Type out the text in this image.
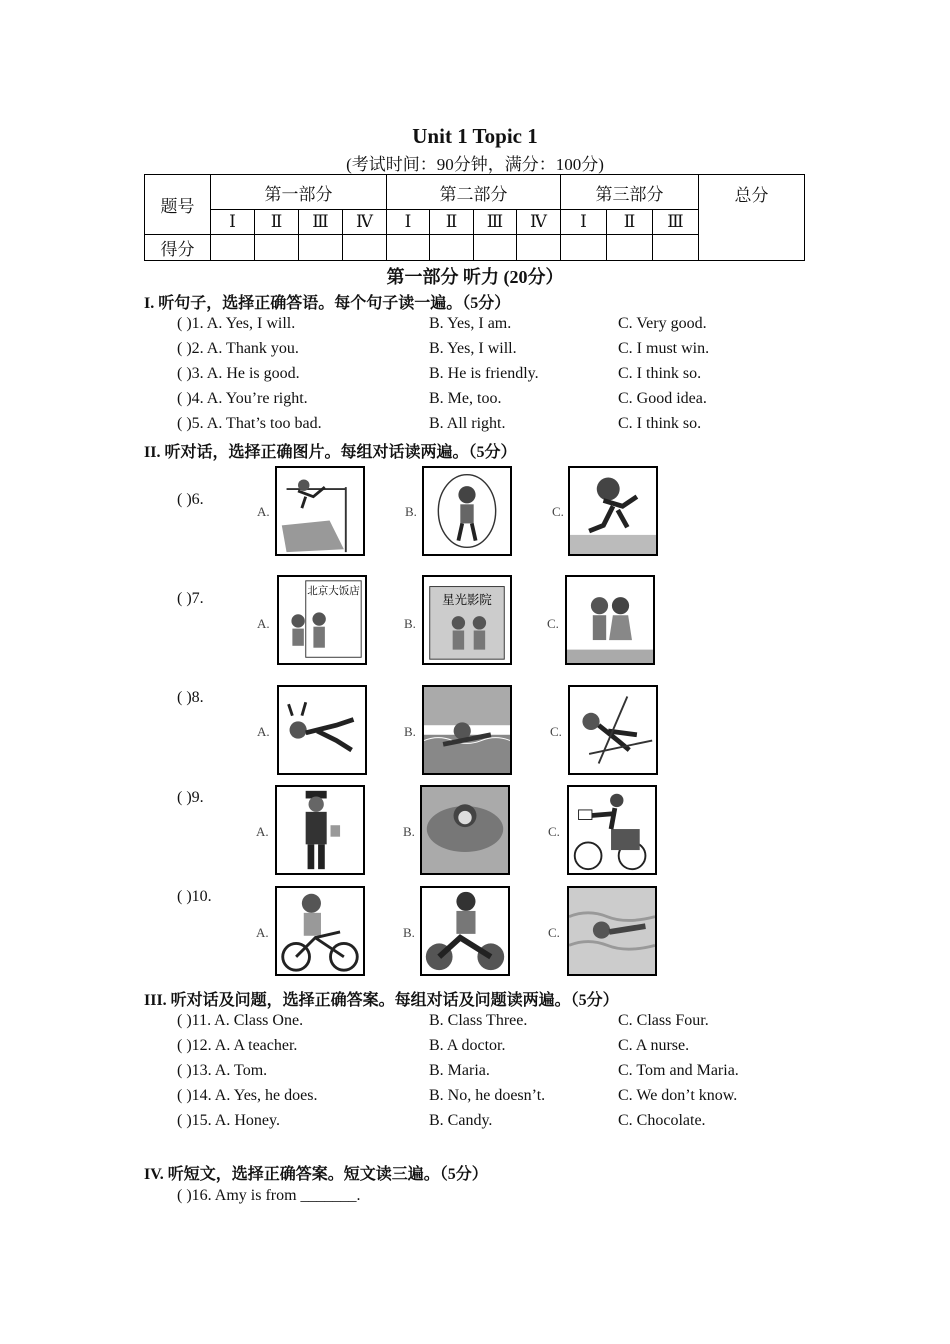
Unit 1 Topic 1
(考试时间：90分钟，满分：100分)
题号	第一部分				第二部分				第三部分			总分
	Ⅰ	Ⅱ	Ⅲ	Ⅳ	Ⅰ	Ⅱ	Ⅲ	Ⅳ	Ⅰ	Ⅱ	Ⅲ	
得分												
第一部分 听力 (20分）
I. 听句子，选择正确答语。每个句子读一遍。（5分）
( )1. A. Yes, I will.	B. Yes, I am.	C. Very good.
( )2. A. Thank you.	B. Yes, I will.	C. I must win.
( )3. A. He is good.	B. He is friendly.	C. I think so.
( )4. A. You’re right.	B. Me, too.	C. Good idea.
( )5. A. That’s too bad.	B. All right.	C. I think so.
II. 听对话，选择正确图片。每组对话读两遍。（5分）
( )6.
A.	B.	C.
( )7.
A.
北京大饭店
B.
星光影院
C.
( )8.
A.	B.	C.
( )9.
A.	B.	C.
( )10.
A.	B.	C.
III. 听对话及问题，选择正确答案。每组对话及问题读两遍。（5分）
( )11. A. Class One.	B. Class Three.	C. Class Four.
( )12. A. A teacher.	B. A doctor.	C. A nurse.
( )13. A. Tom.	B. Maria.	C. Tom and Maria.
( )14. A. Yes, he does.	B. No, he doesn’t.	C. We don’t know.
( )15. A. Honey.	B. Candy.	C. Chocolate.
IV. 听短文，选择正确答案。短文读三遍。（5分）
( )16. Amy is from _______.
